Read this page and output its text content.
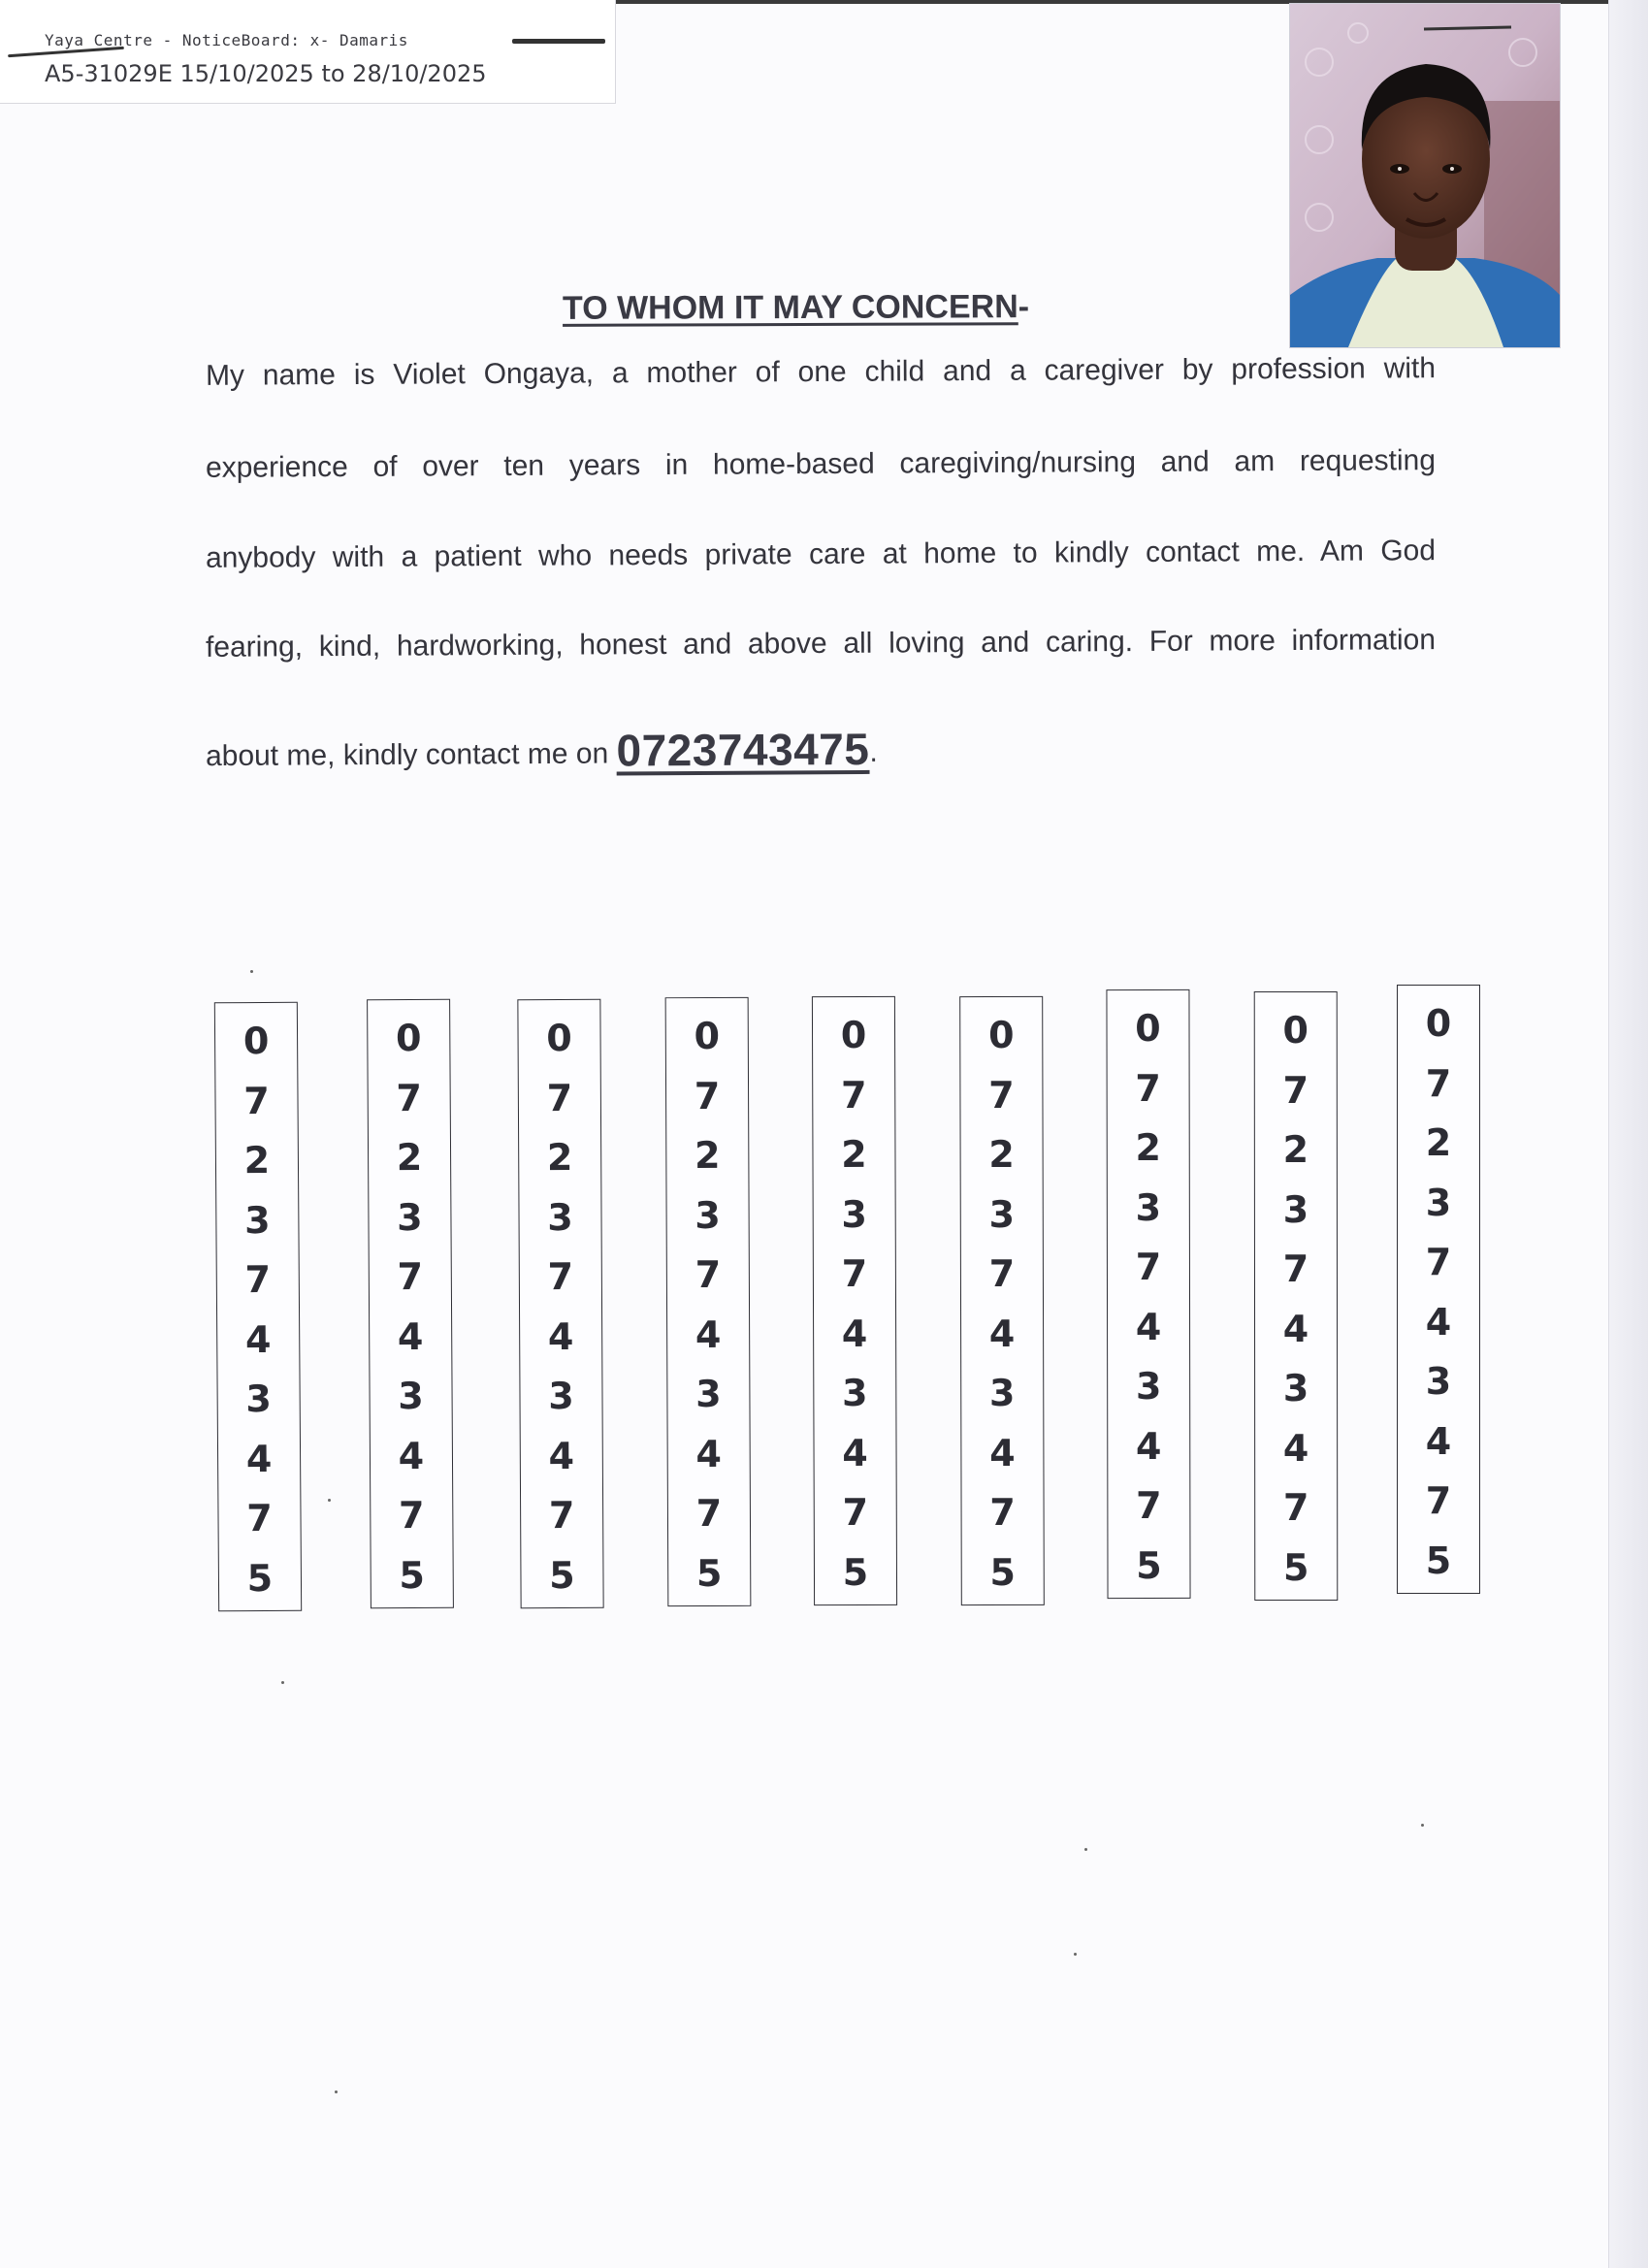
Yaya Centre - NoticeBoard: x- Damaris
A5-31029E 15/10/2025 to 28/10/2025
TO WHOM IT MAY CONCERN-
My name is Violet Ongaya, a mother of one child and a caregiver by profession with
experience of over ten years in home-based caregiving/nursing and am requesting
anybody with a patient who needs private care at home to kindly contact me. Am God
fearing, kind, hardworking, honest and above all loving and caring. For more information
about me, kindly contact me on 0723743475.
0
7
2
3
7
4
3
4
7
5
0
7
2
3
7
4
3
4
7
5
0
7
2
3
7
4
3
4
7
5
0
7
2
3
7
4
3
4
7
5
0
7
2
3
7
4
3
4
7
5
0
7
2
3
7
4
3
4
7
5
0
7
2
3
7
4
3
4
7
5
0
7
2
3
7
4
3
4
7
5
0
7
2
3
7
4
3
4
7
5
